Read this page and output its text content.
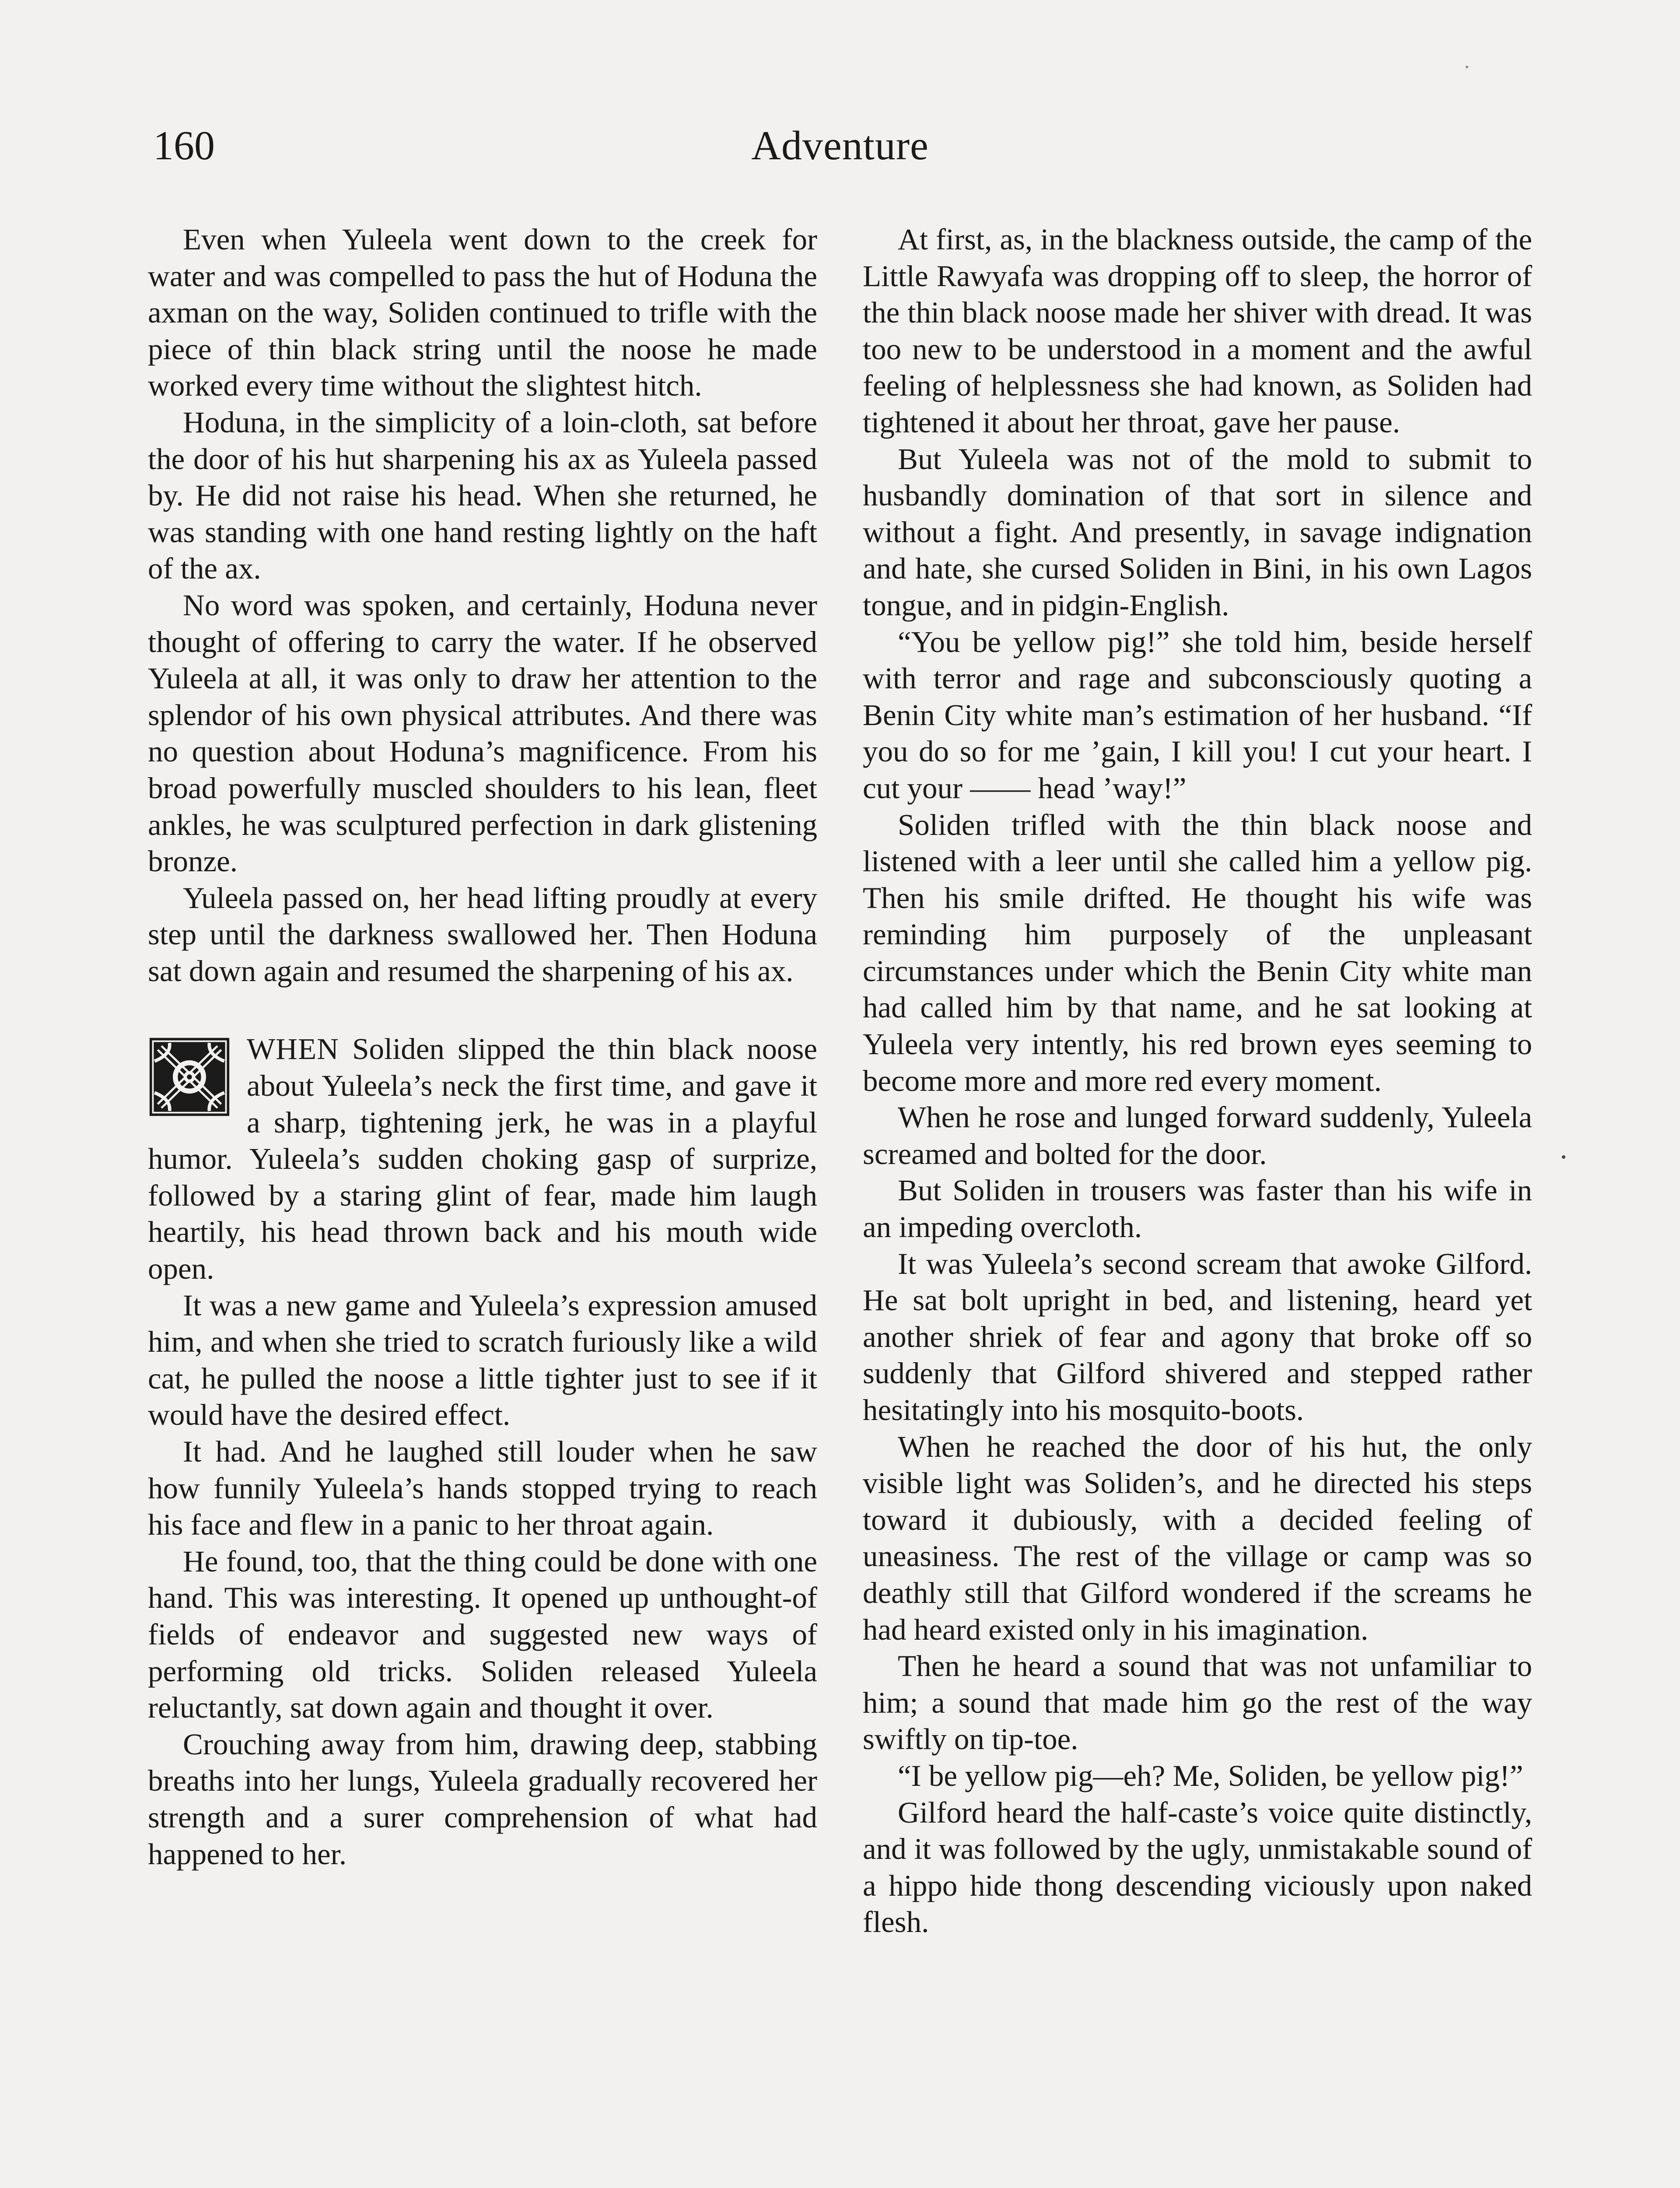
160	Adventure

Even when Yuleela went down to the creek for water and was compelled to pass the hut of Hoduna the axman on the way, Soliden continued to trifle with the piece of thin black string until the noose he made worked every time without the slightest hitch.

Hoduna, in the simplicity of a loin-cloth, sat before the door of his hut sharpening his ax as Yuleela passed by. He did not raise his head. When she returned, he was standing with one hand resting lightly on the haft of the ax.

No word was spoken, and certainly, Hoduna never thought of offering to carry the water. If he observed Yuleela at all, it was only to draw her attention to the splendor of his own physical attributes. And there was no question about Hoduna’s magnificence. From his broad powerfully muscled shoulders to his lean, fleet ankles, he was sculptured perfection in dark glistening bronze.

Yuleela passed on, her head lifting proudly at every step until the darkness swallowed her. Then Hoduna sat down again and resumed the sharpening of his ax.

WHEN Soliden slipped the thin black noose about Yuleela’s neck the first time, and gave it a sharp, tightening jerk, he was in a playful humor. Yuleela’s sudden choking gasp of surprize, followed by a staring glint of fear, made him laugh heartily, his head thrown back and his mouth wide open.

It was a new game and Yuleela’s expression amused him, and when she tried to scratch furiously like a wild cat, he pulled the noose a little tighter just to see if it would have the desired effect.

It had. And he laughed still louder when he saw how funnily Yuleela’s hands stopped trying to reach his face and flew in a panic to her throat again.

He found, too, that the thing could be done with one hand. This was interesting. It opened up unthought-of fields of endeavor and suggested new ways of performing old tricks. Soliden released Yuleela reluctantly, sat down again and thought it over.

Crouching away from him, drawing deep, stabbing breaths into her lungs, Yuleela gradually recovered her strength and a surer comprehension of what had happened to her.

At first, as, in the blackness outside, the camp of the Little Rawyafa was dropping off to sleep, the horror of the thin black noose made her shiver with dread. It was too new to be understood in a moment and the awful feeling of helplessness she had known, as Soliden had tightened it about her throat, gave her pause.

But Yuleela was not of the mold to submit to husbandly domination of that sort in silence and without a fight. And presently, in savage indignation and hate, she cursed Soliden in Bini, in his own Lagos tongue, and in pidgin-English.

“You be yellow pig!” she told him, beside herself with terror and rage and subconsciously quoting a Benin City white man’s estimation of her husband. “If you do so for me ’gain, I kill you! I cut your heart. I cut your —— head ’way!”

Soliden trifled with the thin black noose and listened with a leer until she called him a yellow pig. Then his smile drifted. He thought his wife was reminding him purposely of the unpleasant circumstances under which the Benin City white man had called him by that name, and he sat looking at Yuleela very intently, his red brown eyes seeming to become more and more red every moment.

When he rose and lunged forward suddenly, Yuleela screamed and bolted for the door.

But Soliden in trousers was faster than his wife in an impeding overcloth.

It was Yuleela’s second scream that awoke Gilford. He sat bolt upright in bed, and listening, heard yet another shriek of fear and agony that broke off so suddenly that Gilford shivered and stepped rather hesitatingly into his mosquito-boots.

When he reached the door of his hut, the only visible light was Soliden’s, and he directed his steps toward it dubiously, with a decided feeling of uneasiness. The rest of the village or camp was so deathly still that Gilford wondered if the screams he had heard existed only in his imagination.

Then he heard a sound that was not unfamiliar to him; a sound that made him go the rest of the way swiftly on tip-toe.

“I be yellow pig—eh? Me, Soliden, be yellow pig!”

Gilford heard the half-caste’s voice quite distinctly, and it was followed by the ugly, unmistakable sound of a hippo hide thong descending viciously upon naked flesh.
